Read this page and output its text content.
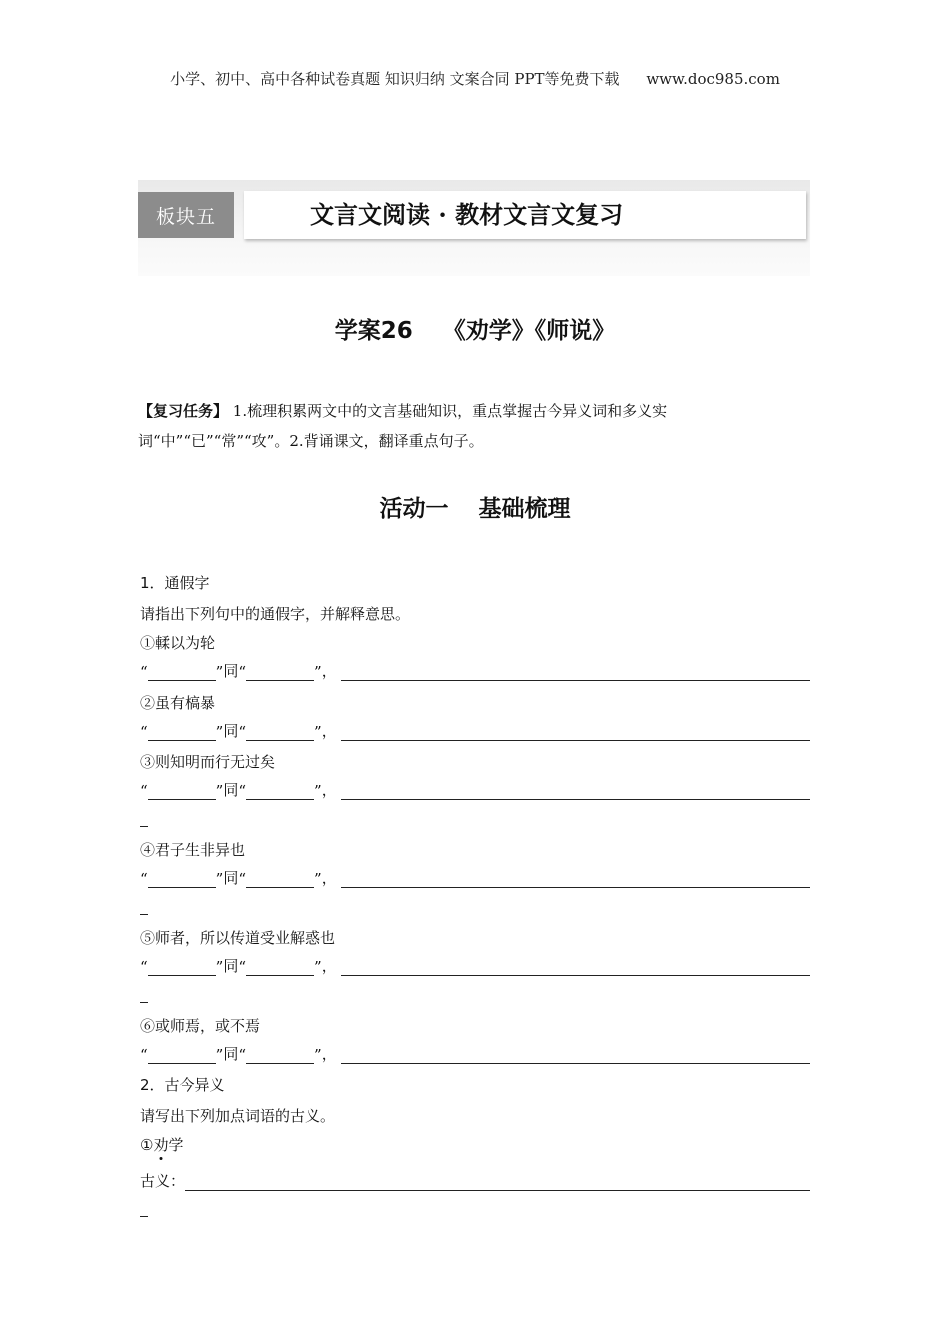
小学、初中、高中各种试卷真题 知识归纳 文案合同 PPT等免费下载 www.doc985.com
板块五	文言文阅读 · 教材文言文复习
学案26 《劝学》《师说》
【复习任务】 1.梳理积累两文中的文言基础知识，重点掌握古今异义词和多义实词“中”“已”“常”“攻”。2.背诵课文，翻译重点句子。
活动一 基础梳理
1．通假字
请指出下列句中的通假字，并解释意思。
①輮以为轮
“	” 同 “	” ，
②虽有槁暴
“	” 同 “	” ，
③则知明而行无过矣
“	” 同 “	” ，
④君子生非异也
“	” 同 “	” ，
⑤师者，所以传道受业解惑也
“	” 同 “	” ，
⑥或师焉，或不焉
“	” 同 “	” ，
2．古今异义
请写出下列加点词语的古义。
①劝学
古义：
